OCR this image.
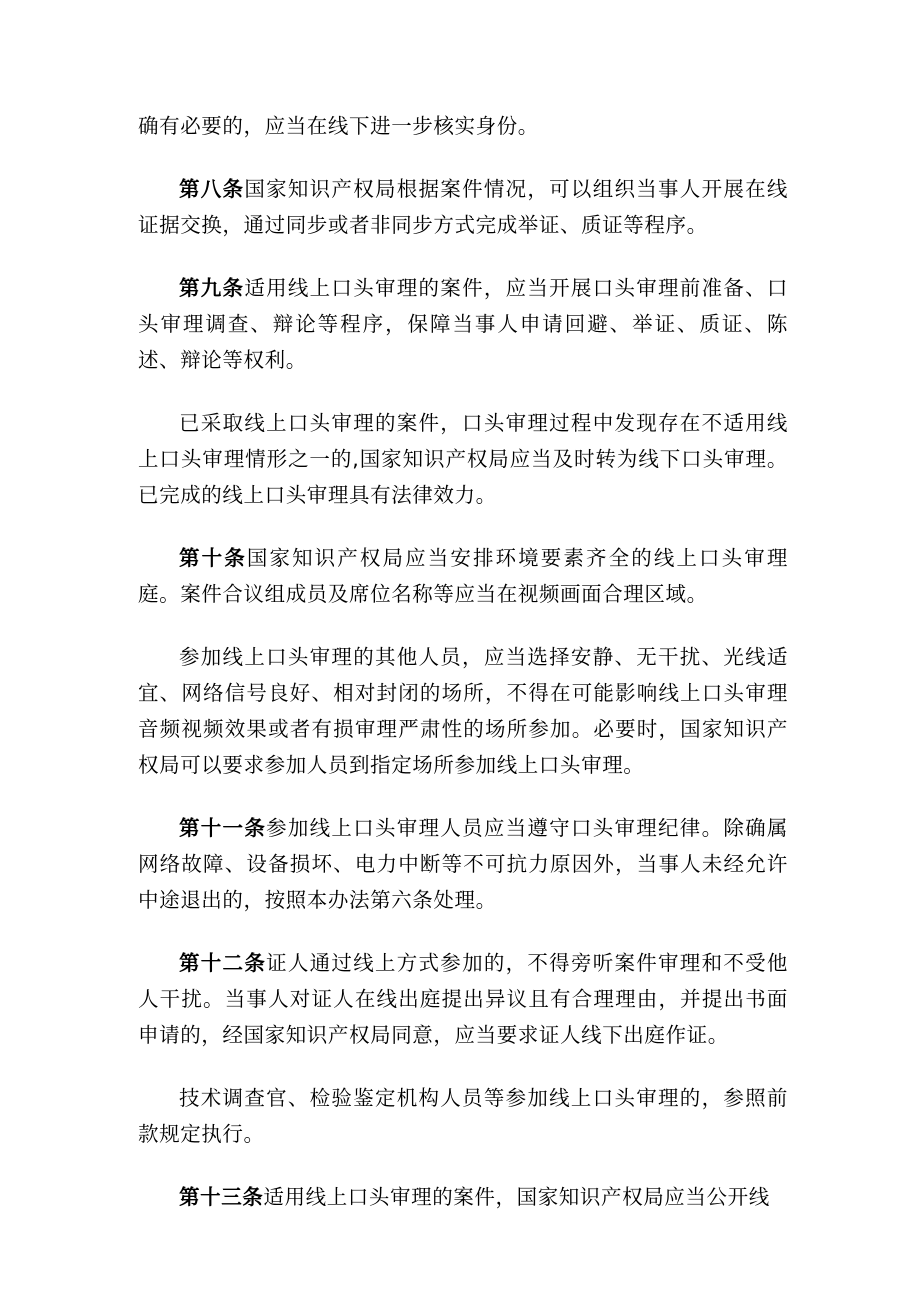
确有必要的，应当在线下进一步核实身份。

第八条国家知识产权局根据案件情况，可以组织当事人开展在线证据交换，通过同步或者非同步方式完成举证、质证等程序。

第九条适用线上口头审理的案件，应当开展口头审理前准备、口头审理调查、辩论等程序，保障当事人申请回避、举证、质证、陈述、辩论等权利。

已采取线上口头审理的案件，口头审理过程中发现存在不适用线上口头审理情形之一的,国家知识产权局应当及时转为线下口头审理。已完成的线上口头审理具有法律效力。

第十条国家知识产权局应当安排环境要素齐全的线上口头审理庭。案件合议组成员及席位名称等应当在视频画面合理区域。

参加线上口头审理的其他人员，应当选择安静、无干扰、光线适宜、网络信号良好、相对封闭的场所，不得在可能影响线上口头审理音频视频效果或者有损审理严肃性的场所参加。必要时，国家知识产权局可以要求参加人员到指定场所参加线上口头审理。

第十一条参加线上口头审理人员应当遵守口头审理纪律。除确属网络故障、设备损坏、电力中断等不可抗力原因外，当事人未经允许中途退出的，按照本办法第六条处理。

第十二条证人通过线上方式参加的，不得旁听案件审理和不受他人干扰。当事人对证人在线出庭提出异议且有合理理由，并提出书面申请的，经国家知识产权局同意，应当要求证人线下出庭作证。

技术调查官、检验鉴定机构人员等参加线上口头审理的，参照前款规定执行。

第十三条适用线上口头审理的案件，国家知识产权局应当公开线
